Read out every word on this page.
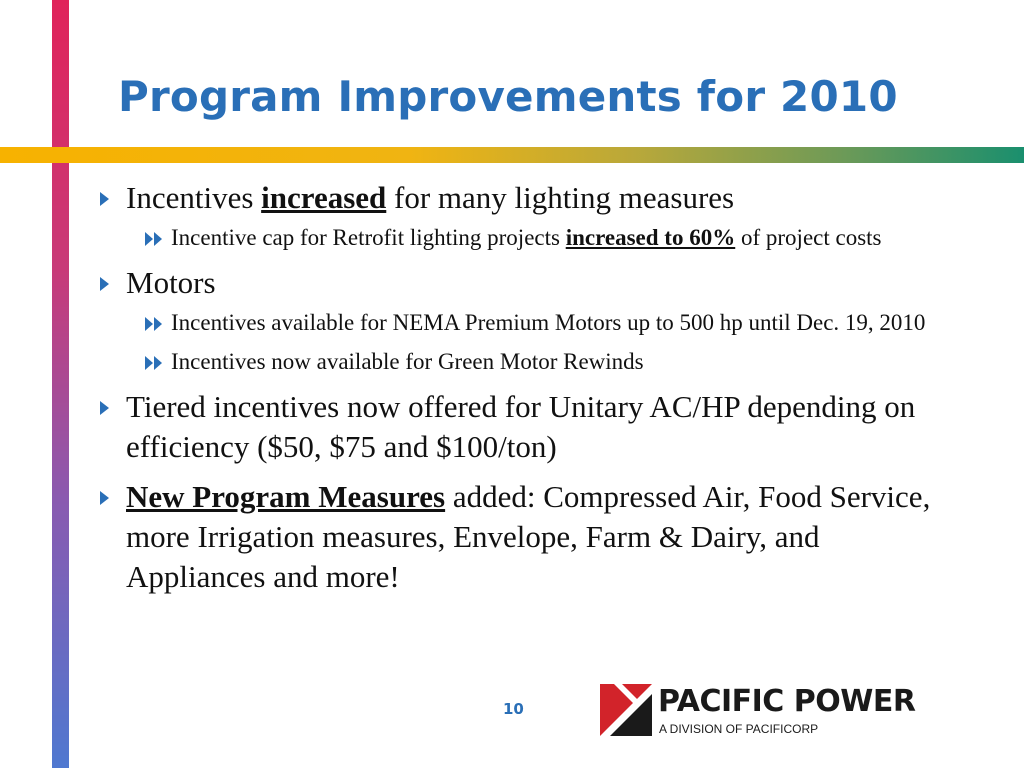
Program Improvements for 2010
Incentives increased for many lighting measures
Incentive cap for Retrofit lighting projects increased to 60% of project costs
Motors
Incentives available for NEMA Premium Motors up to 500 hp until Dec. 19, 2010
Incentives now available for Green Motor Rewinds
Tiered incentives now offered for Unitary AC/HP depending on efficiency ($50, $75 and $100/ton)
New Program Measures added: Compressed Air, Food Service, more Irrigation measures, Envelope, Farm & Dairy, and Appliances and more!
10	PACIFIC POWER
A DIVISION OF PACIFICORP
